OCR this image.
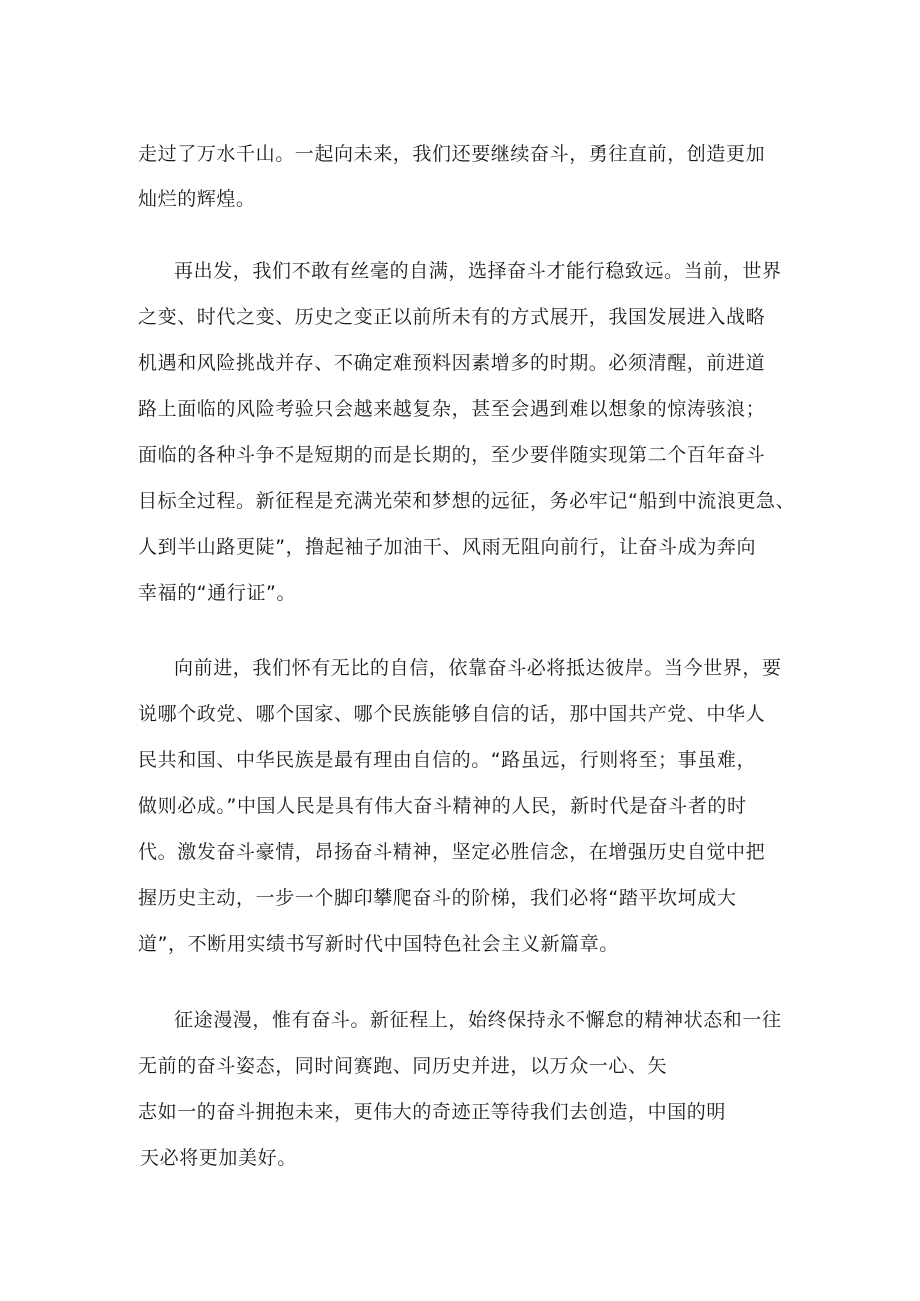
走过了万水千山。一起向未来，我们还要继续奋斗，勇往直前，创造更加
灿烂的辉煌。
再出发，我们不敢有丝毫的自满，选择奋斗才能行稳致远。当前，世界
之变、时代之变、历史之变正以前所未有的方式展开，我国发展进入战略
机遇和风险挑战并存、不确定难预料因素增多的时期。必须清醒，前进道
路上面临的风险考验只会越来越复杂，甚至会遇到难以想象的惊涛骇浪；
面临的各种斗争不是短期的而是长期的，至少要伴随实现第二个百年奋斗
目标全过程。新征程是充满光荣和梦想的远征，务必牢记“船到中流浪更急、
人到半山路更陡”，撸起袖子加油干、风雨无阻向前行，让奋斗成为奔向
幸福的“通行证”。
向前进，我们怀有无比的自信，依靠奋斗必将抵达彼岸。当今世界，要
说哪个政党、哪个国家、哪个民族能够自信的话，那中国共产党、中华人
民共和国、中华民族是最有理由自信的。“路虽远，行则将至；事虽难，
做则必成。”中国人民是具有伟大奋斗精神的人民，新时代是奋斗者的时
代。激发奋斗豪情，昂扬奋斗精神，坚定必胜信念，在增强历史自觉中把
握历史主动，一步一个脚印攀爬奋斗的阶梯，我们必将“踏平坎坷成大
道”，不断用实绩书写新时代中国特色社会主义新篇章。
征途漫漫，惟有奋斗。新征程上，始终保持永不懈怠的精神状态和一往
无前的奋斗姿态，同时间赛跑、同历史并进，以万众一心、矢
志如一的奋斗拥抱未来，更伟大的奇迹正等待我们去创造，中国的明
天必将更加美好。
